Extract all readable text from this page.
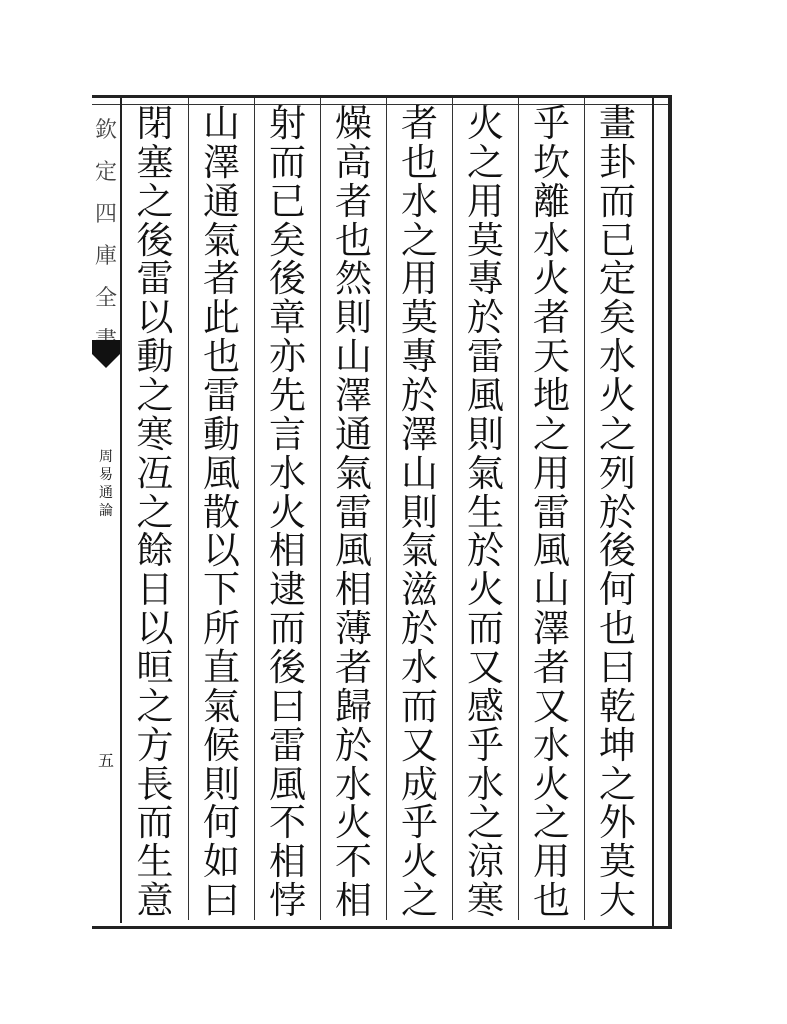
欽
定
四
庫
全
周
易
通
論
五
畫
卦
而
已
定
矣
水
火
之
列
於
後
何
也
曰
乾
坤
之
外
莫
大
乎
坎
離
水
火
者
天
地
之
用
雷
風
山
澤
者
又
水
火
之
用
也
火
之
用
莫
專
於
雷
風
則
氣
生
於
火
而
又
感
乎
水
之
涼
寒
者
也
水
之
用
莫
專
於
澤
山
則
氣
滋
於
水
而
又
成
乎
火
之
燥
高
者
也
然
則
山
澤
通
氣
雷
風
相
薄
者
歸
於
水
火
不
相
射
而
已
矣
後
章
亦
先
言
水
火
相
逮
而
後
曰
雷
風
不
相
悖
山
澤
通
氣
者
此
也
雷
動
風
散
以
下
所
直
氣
候
則
何
如
曰
閉
塞
之
後
雷
以
動
之
寒
冱
之
餘
日
以
晅
之
方
長
而
生
意
